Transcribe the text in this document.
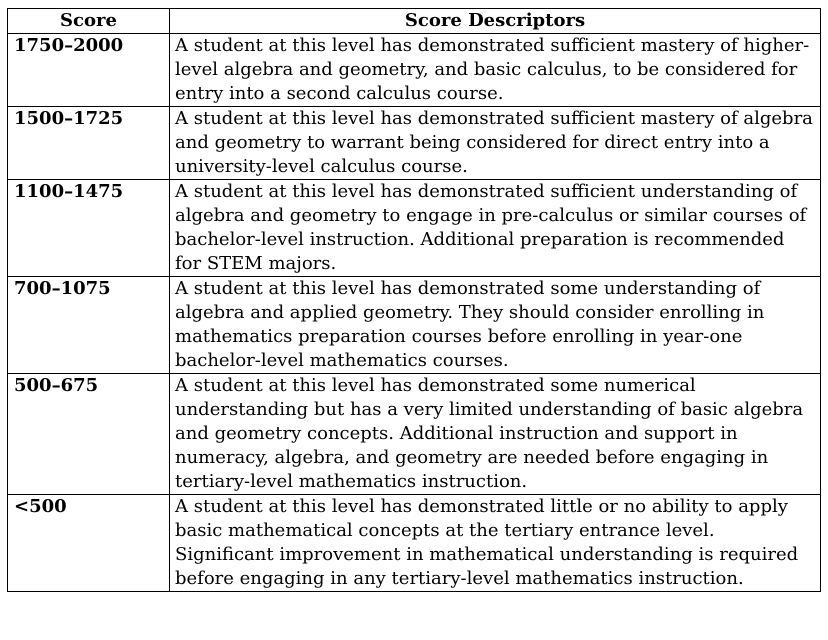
Score	Score Descriptors
1750–2000	A student at this level has demonstrated sufficient mastery of higher-level algebra and geometry, and basic calculus, to be considered for entry into a second calculus course.
1500–1725	A student at this level has demonstrated sufficient mastery of algebra and geometry to warrant being considered for direct entry into a university-level calculus course.
1100–1475	A student at this level has demonstrated sufficient understanding of algebra and geometry to engage in pre-calculus or similar courses of bachelor-level instruction. Additional preparation is recommended for STEM majors.
700–1075	A student at this level has demonstrated some understanding of algebra and applied geometry. They should consider enrolling in mathematics preparation courses before enrolling in year-one bachelor-level mathematics courses.
500–675	A student at this level has demonstrated some numerical understanding but has a very limited understanding of basic algebra and geometry concepts. Additional instruction and support in numeracy, algebra, and geometry are needed before engaging in tertiary-level mathematics instruction.
<500	A student at this level has demonstrated little or no ability to apply basic mathematical concepts at the tertiary entrance level. Significant improvement in mathematical understanding is required before engaging in any tertiary-level mathematics instruction.
